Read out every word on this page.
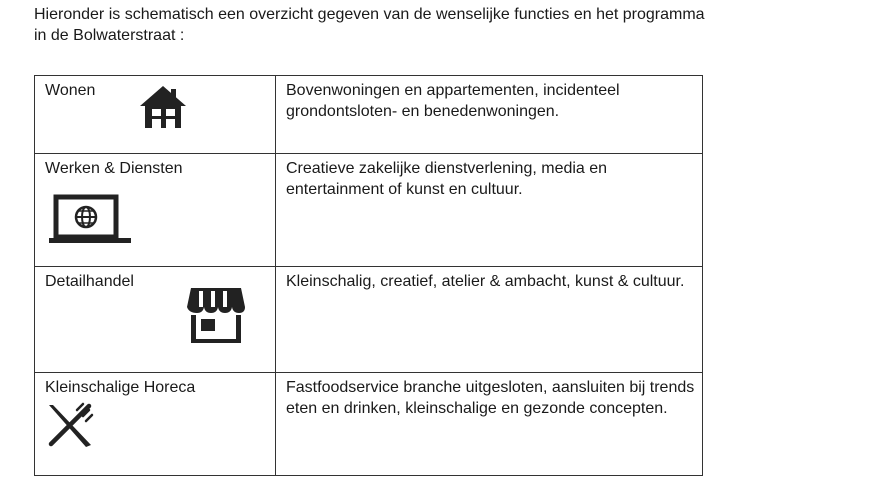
Hieronder is schematisch een overzicht gegeven van de wenselijke functies en het programma
in de Bolwaterstraat :
Wonen	Bovenwoningen en appartementen, incidenteel grondontsloten- en benedenwoningen.
Werken & Diensten	Creatieve zakelijke dienstverlening, media en entertainment of kunst en cultuur.
Detailhandel	Kleinschalig, creatief, atelier & ambacht, kunst & cultuur.
Kleinschalige Horeca	Fastfoodservice branche uitgesloten, aansluiten bij trends eten en drinken, kleinschalige en gezonde concepten.
